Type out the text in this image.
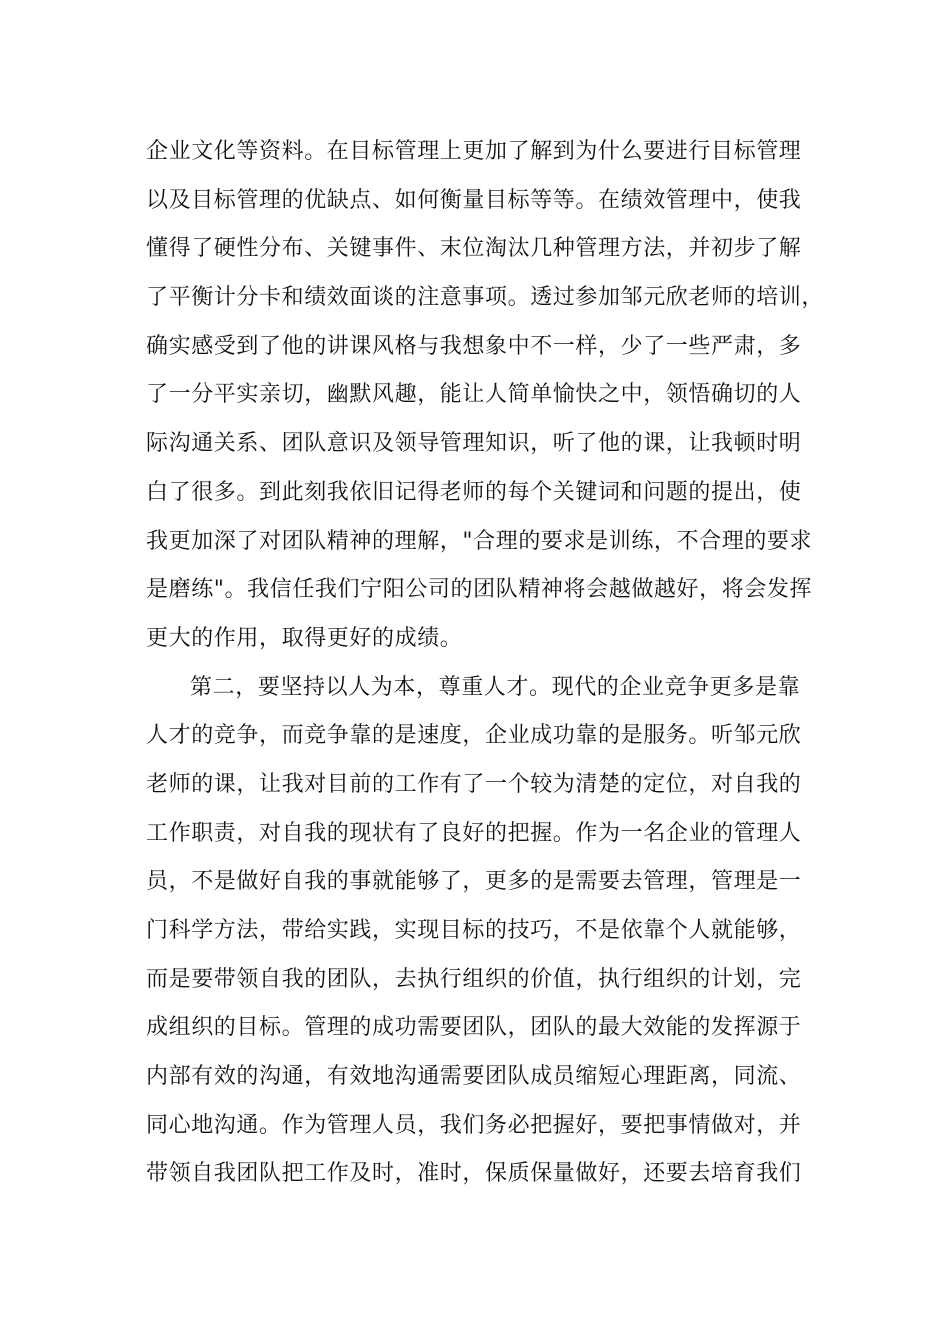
企业文化等资料。在目标管理上更加了解到为什么要进行目标管理
以及目标管理的优缺点、如何衡量目标等等。在绩效管理中，使我
懂得了硬性分布、关键事件、末位淘汰几种管理方法，并初步了解
了平衡计分卡和绩效面谈的注意事项。透过参加邹元欣老师的培训，
确实感受到了他的讲课风格与我想象中不一样，少了一些严肃，多
了一分平实亲切，幽默风趣，能让人简单愉快之中，领悟确切的人
际沟通关系、团队意识及领导管理知识，听了他的课，让我顿时明
白了很多。到此刻我依旧记得老师的每个关键词和问题的提出，使
我更加深了对团队精神的理解，"合理的要求是训练，不合理的要求
是磨练"。我信任我们宁阳公司的团队精神将会越做越好，将会发挥
更大的作用，取得更好的成绩。
第二，要坚持以人为本，尊重人才。现代的企业竞争更多是靠
人才的竞争，而竞争靠的是速度，企业成功靠的是服务。听邹元欣
老师的课，让我对目前的工作有了一个较为清楚的定位，对自我的
工作职责，对自我的现状有了良好的把握。作为一名企业的管理人
员，不是做好自我的事就能够了，更多的是需要去管理，管理是一
门科学方法，带给实践，实现目标的技巧，不是依靠个人就能够，
而是要带领自我的团队，去执行组织的价值，执行组织的计划，完
成组织的目标。管理的成功需要团队，团队的最大效能的发挥源于
内部有效的沟通，有效地沟通需要团队成员缩短心理距离，同流、
同心地沟通。作为管理人员，我们务必把握好，要把事情做对，并
带领自我团队把工作及时，准时，保质保量做好，还要去培育我们
